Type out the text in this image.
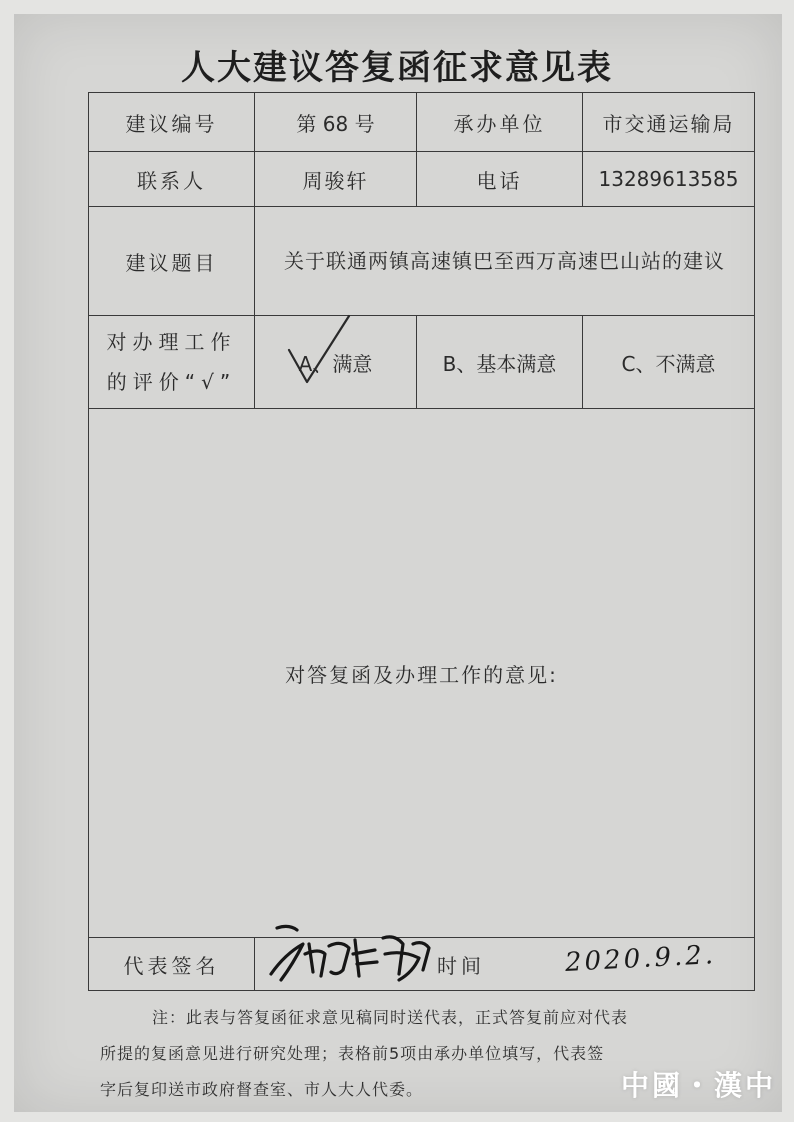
人大建议答复函征求意见表
建议编号	第 68 号	承办单位	市交通运输局
联系人	周骏轩	电话	13289613585
建议题目	关于联通两镇高速镇巴至西万高速巴山站的建议		
对办理工作
的评价“√”	A、满意	B、基本满意	C、不满意
对答复函及办理工作的意见:			
代表签名	时间 2020.9.2.		
注：此表与答复函征求意见稿同时送代表，正式答复前应对代表
所提的复函意见进行研究处理；表格前5项由承办单位填写，代表签
字后复印送市政府督查室、市人大人代委。	中國・漢中
